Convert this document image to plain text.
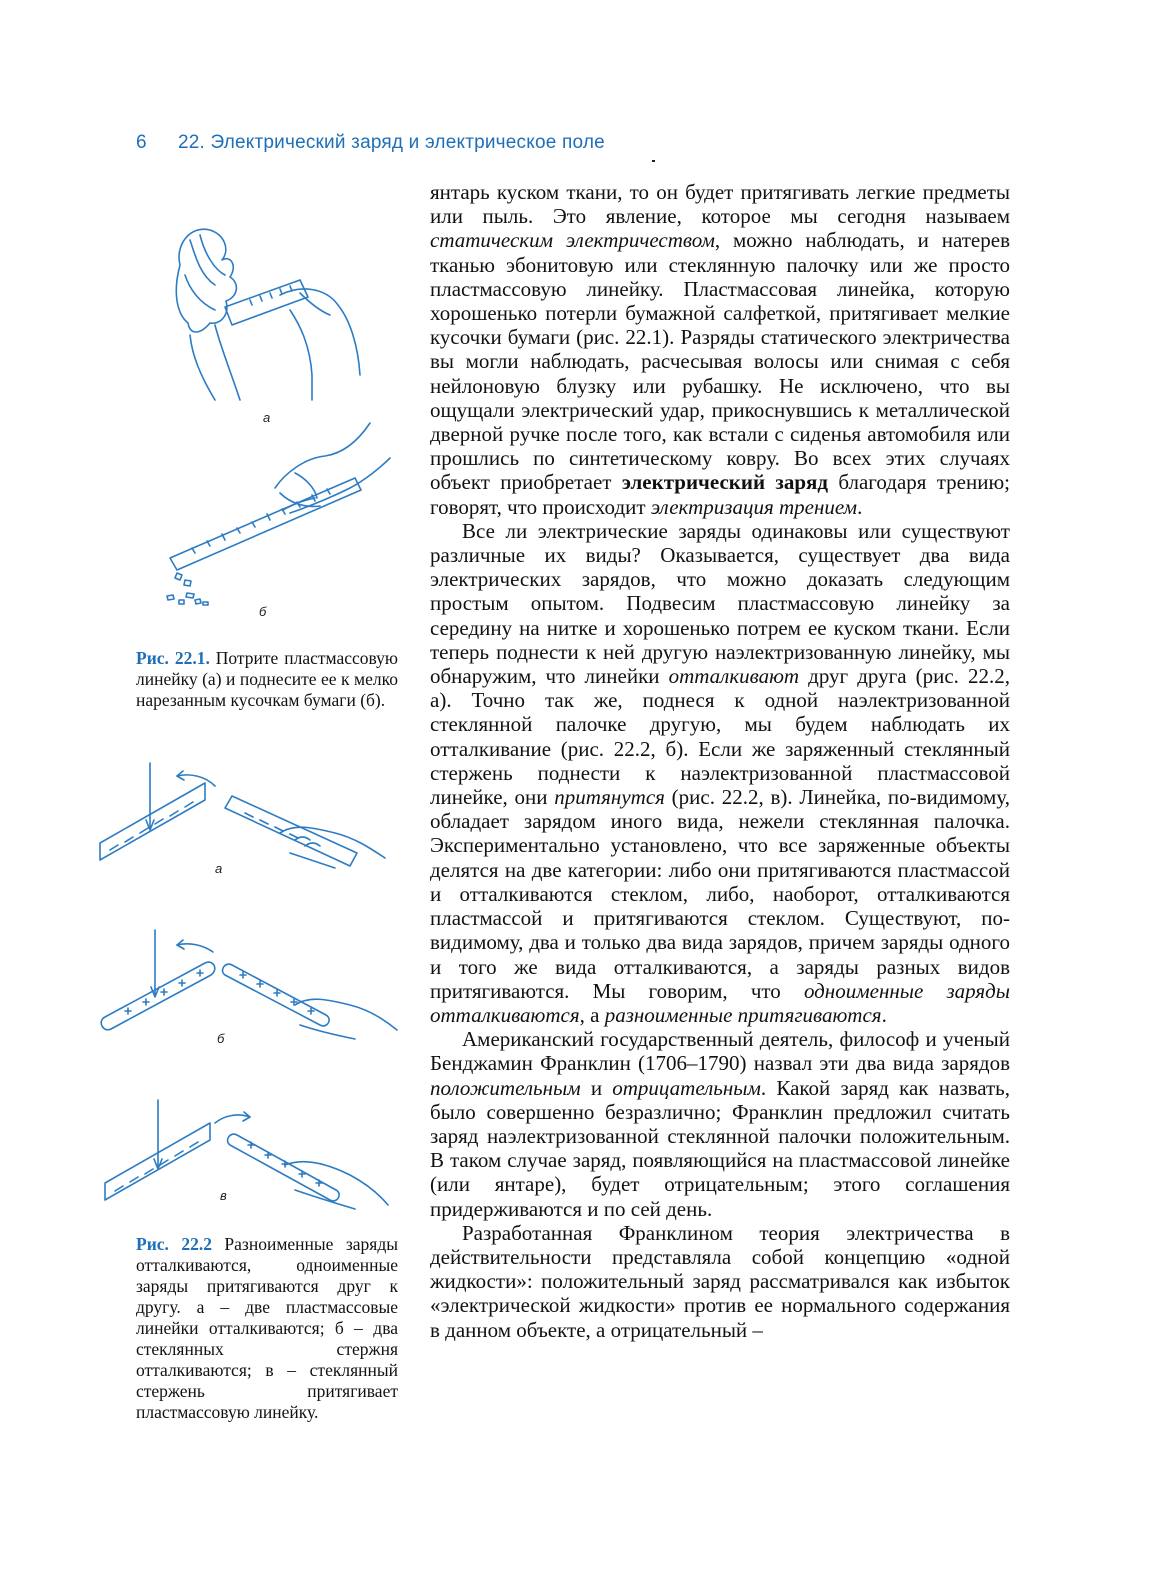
6 22. Электрический заряд и электрическое поле
а
б
Рис. 22.1. Потрите пластмассовую линейку (а) и поднесите ее к мелко нарезанным кусочкам бумаги (б).
а
б
в
Рис. 22.2 Разноименные заряды отталкиваются, одноименные заряды притягиваются друг к другу. а – две пластмассовые линейки отталкиваются; б – два стеклянных стержня отталкиваются; в – стеклянный стержень притягивает пластмассовую линейку.

янтарь куском ткани, то он будет притягивать легкие предметы или пыль. Это явление, которое мы сегодня называем статическим электричеством, можно наблюдать, и натерев тканью эбонитовую или стеклянную палочку или же просто пластмассовую линейку. Пластмассовая линейка, которую хорошенько потерли бумажной салфеткой, притягивает мелкие кусочки бумаги (рис. 22.1). Разряды статического электричества вы могли наблюдать, расчесывая волосы или снимая с себя нейлоновую блузку или рубашку. Не исключено, что вы ощущали электрический удар, прикоснувшись к металлической дверной ручке после того, как встали с сиденья автомобиля или прошлись по синтетическому ковру. Во всех этих случаях объект приобретает электрический заряд благодаря трению; говорят, что происходит электризация трением.

Все ли электрические заряды одинаковы или существуют различные их виды? Оказывается, существует два вида электрических зарядов, что можно доказать следующим простым опытом. Подвесим пластмассовую линейку за середину на нитке и хорошенько потрем ее куском ткани. Если теперь поднести к ней другую наэлектризованную линейку, мы обнаружим, что линейки отталкивают друг друга (рис. 22.2, а). Точно так же, поднеся к одной наэлектризованной стеклянной палочке другую, мы будем наблюдать их отталкивание (рис. 22.2, б). Если же заряженный стеклянный стержень поднести к наэлектризованной пластмассовой линейке, они притянутся (рис. 22.2, в). Линейка, по-видимому, обладает зарядом иного вида, нежели стеклянная палочка. Экспериментально установлено, что все заряженные объекты делятся на две категории: либо они притягиваются пластмассой и отталкиваются стеклом, либо, наоборот, отталкиваются пластмассой и притягиваются стеклом. Существуют, по-видимому, два и только два вида зарядов, причем заряды одного и того же вида отталкиваются, а заряды разных видов притягиваются. Мы говорим, что одноименные заряды отталкиваются, а разноименные притягиваются.

Американский государственный деятель, философ и ученый Бенджамин Франклин (1706–1790) назвал эти два вида зарядов положительным и отрицательным. Какой заряд как назвать, было совершенно безразлично; Франклин предложил считать заряд наэлектризованной стеклянной палочки положительным. В таком случае заряд, появляющийся на пластмассовой линейке (или янтаре), будет отрицательным; этого соглашения придерживаются и по сей день.

Разработанная Франклином теория электричества в действительности представляла собой концепцию «одной жидкости»: положительный заряд рассматривался как избыток «электрической жидкости» против ее нормального содержания в данном объекте, а отрицательный –
